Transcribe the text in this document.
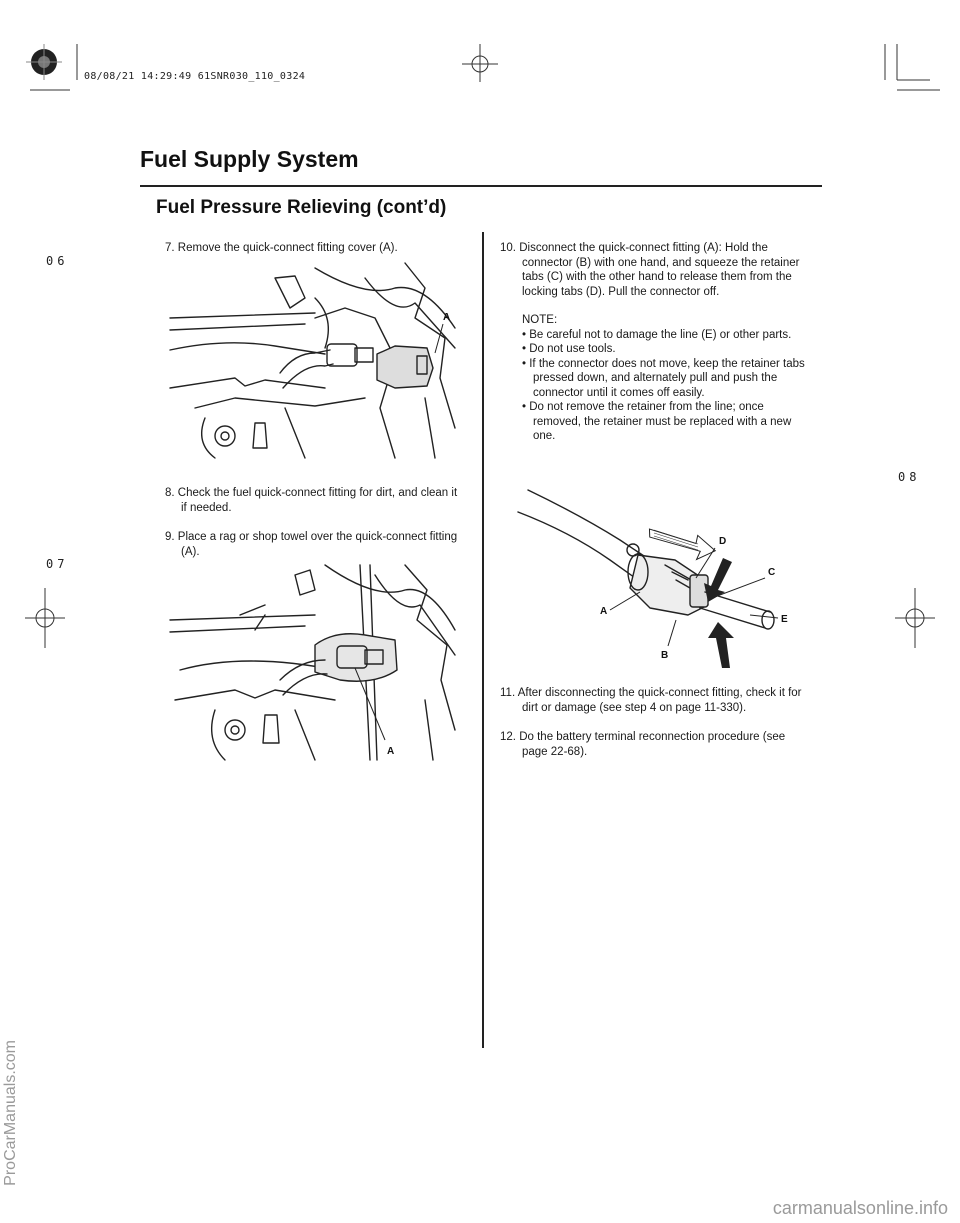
08/08/21 14:29:49 61SNR030_110_0324
06
07
08
Fuel Supply System
Fuel Pressure Relieving (cont’d)

7. Remove the quick-connect fitting cover (A).

A

8. Check the fuel quick-connect fitting for dirt, and clean it if needed.

9. Place a rag or shop towel over the quick-connect fitting (A).

A

10. Disconnect the quick-connect fitting (A): Hold the connector (B) with one hand, and squeeze the retainer tabs (C) with the other hand to release them from the locking tabs (D). Pull the connector off.

NOTE:

• Be careful not to damage the line (E) or other parts.

• Do not use tools.

• If the connector does not move, keep the retainer tabs pressed down, and alternately pull and push the connector until it comes off easily.

• Do not remove the retainer from the line; once removed, the retainer must be replaced with a new one.

A
B
C
D
E

11. After disconnecting the quick-connect fitting, check it for dirt or damage (see step 4 on page 11-330).

12. Do the battery terminal reconnection procedure (see page 22-68).

ProCarManuals.com
carmanualsonline.info
